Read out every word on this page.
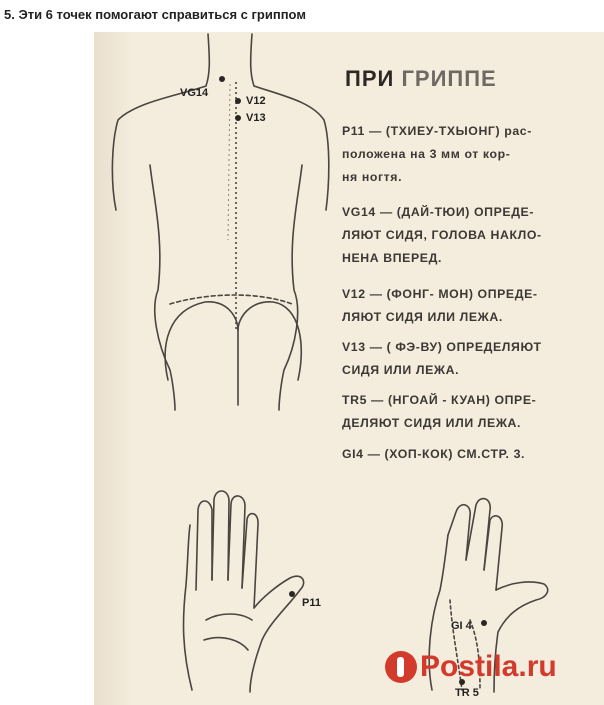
5. Эти 6 точек помогают справиться с гриппом
VG14
V12
V13
P11
GI 4
TR 5
ПРИ ГРИППЕ
P11 — (ТХИЕУ-ТХЫОНГ) рас-
положена на 3 мм от кор-
ня ногтя.
VG14 — (ДАЙ-ТЮИ) ОПРЕДЕ-
ЛЯЮТ СИДЯ, ГОЛОВА НАКЛО-
НЕНА ВПЕРЕД.
V12 — (ФОНГ- МОН) ОПРЕДЕ-
ЛЯЮТ СИДЯ ИЛИ ЛЕЖА.
V13 — ( ФЭ-ВУ) ОПРЕДЕЛЯЮТ
СИДЯ ИЛИ ЛЕЖА.
TR5 — (НГОАЙ - КУАН) ОПРЕ-
ДЕЛЯЮТ СИДЯ ИЛИ ЛЕЖА.
GI4 — (ХОП-КОК) СМ.СТР. 3.
Postila.ru
